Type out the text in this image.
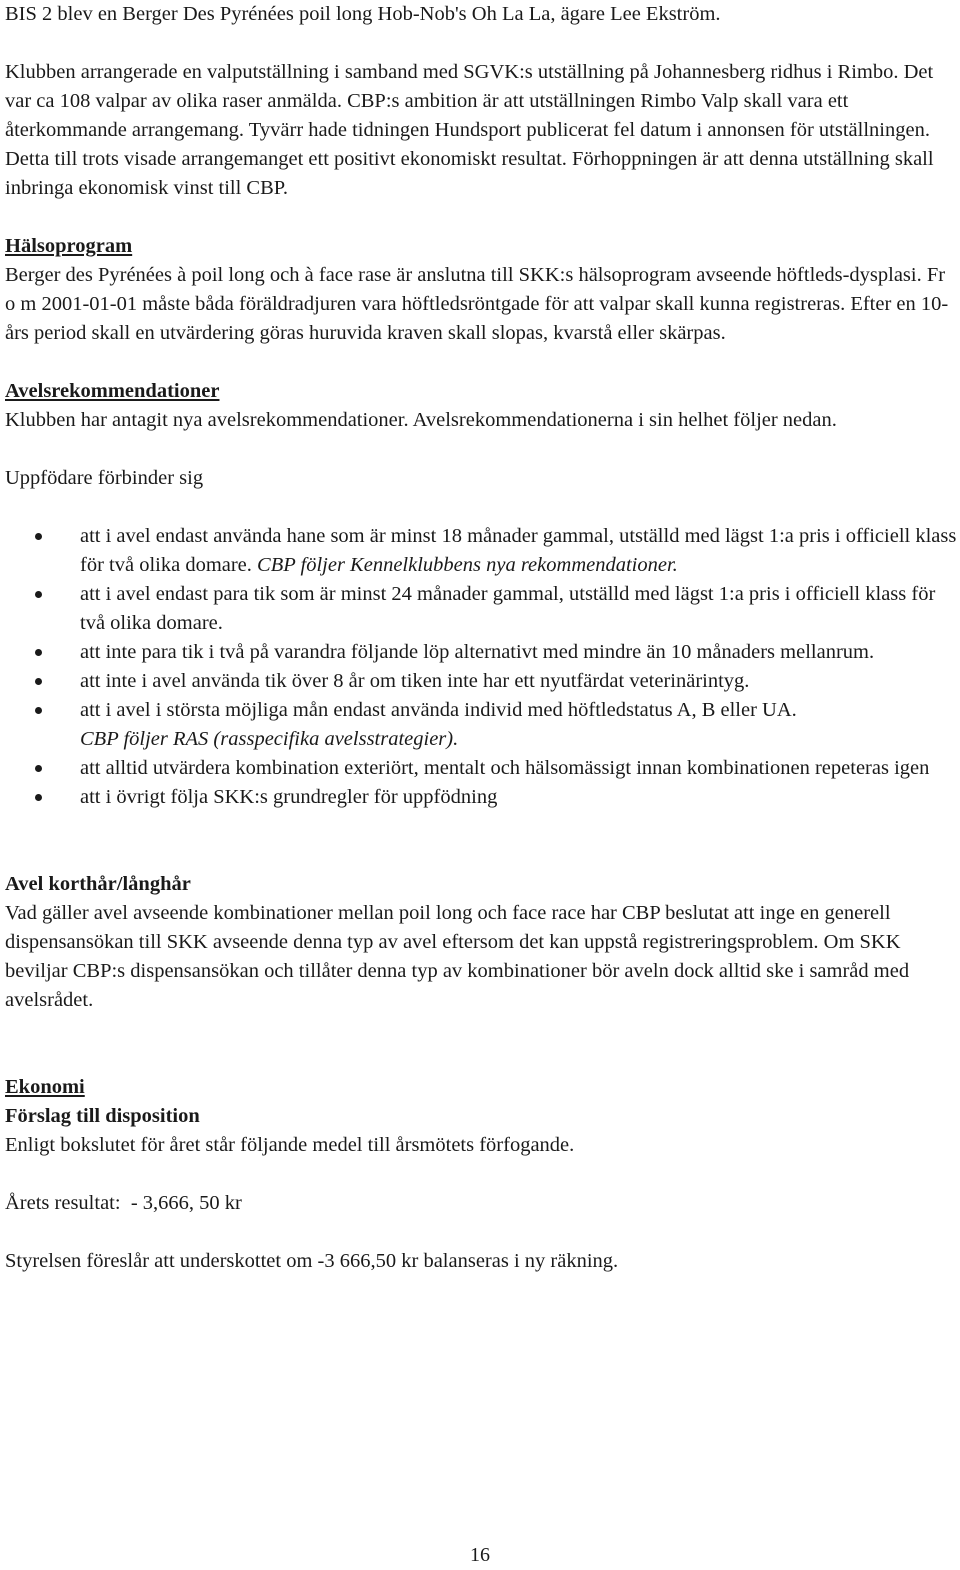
BIS 2 blev en Berger Des Pyrénées poil long Hob-Nob's Oh La La, ägare Lee Ekström.

Klubben arrangerade en valputställning i samband med SGVK:s utställning på Johannesberg ridhus i Rimbo. Det var ca 108 valpar av olika raser anmälda. CBP:s ambition är att utställningen Rimbo Valp skall vara ett återkommande arrangemang. Tyvärr hade tidningen Hundsport publicerat fel datum i annonsen för utställningen. Detta till trots visade arrangemanget ett positivt ekonomiskt resultat. Förhoppningen är att denna utställning skall inbringa ekonomisk vinst till CBP.

Hälsoprogram

Berger des Pyrénées à poil long och à face rase är anslutna till SKK:s hälsoprogram avseende höftleds-dysplasi. Fr o m 2001-01-01 måste båda föräldradjuren vara höftledsröntgade för att valpar skall kunna registreras. Efter en 10-års period skall en utvärdering göras huruvida kraven skall slopas, kvarstå eller skärpas.

Avelsrekommendationer

Klubben har antagit nya avelsrekommendationer. Avelsrekommendationerna i sin helhet följer nedan.

Uppfödare förbinder sig

att i avel endast använda hane som är minst 18 månader gammal, utställd med lägst 1:a pris i officiell klass för två olika domare. CBP följer Kennelklubbens nya rekommendationer.
att i avel endast para tik som är minst 24 månader gammal, utställd med lägst 1:a pris i officiell klass för två olika domare.
att inte para tik i två på varandra följande löp alternativt med mindre än 10 månaders mellanrum.
att inte i avel använda tik över 8 år om tiken inte har ett nyutfärdat veterinärintyg.
att i avel i största möjliga mån endast använda individ med höftledstatus A, B eller UA.
CBP följer RAS (rasspecifika avelsstrategier).
att alltid utvärdera kombination exteriört, mentalt och hälsomässigt innan kombinationen repeteras igen
att i övrigt följa SKK:s grundregler för uppfödning

Avel korthår/långhår

Vad gäller avel avseende kombinationer mellan poil long och face race har CBP beslutat att inge en generell dispensansökan till SKK avseende denna typ av avel eftersom det kan uppstå registreringsproblem. Om SKK beviljar CBP:s dispensansökan och tillåter denna typ av kombinationer bör aveln dock alltid ske i samråd med avelsrådet.

Ekonomi

Förslag till disposition

Enligt bokslutet för året står följande medel till årsmötets förfogande.

Årets resultat:  - 3,666, 50 kr

Styrelsen föreslår att underskottet om -3 666,50 kr balanseras i ny räkning.

16
